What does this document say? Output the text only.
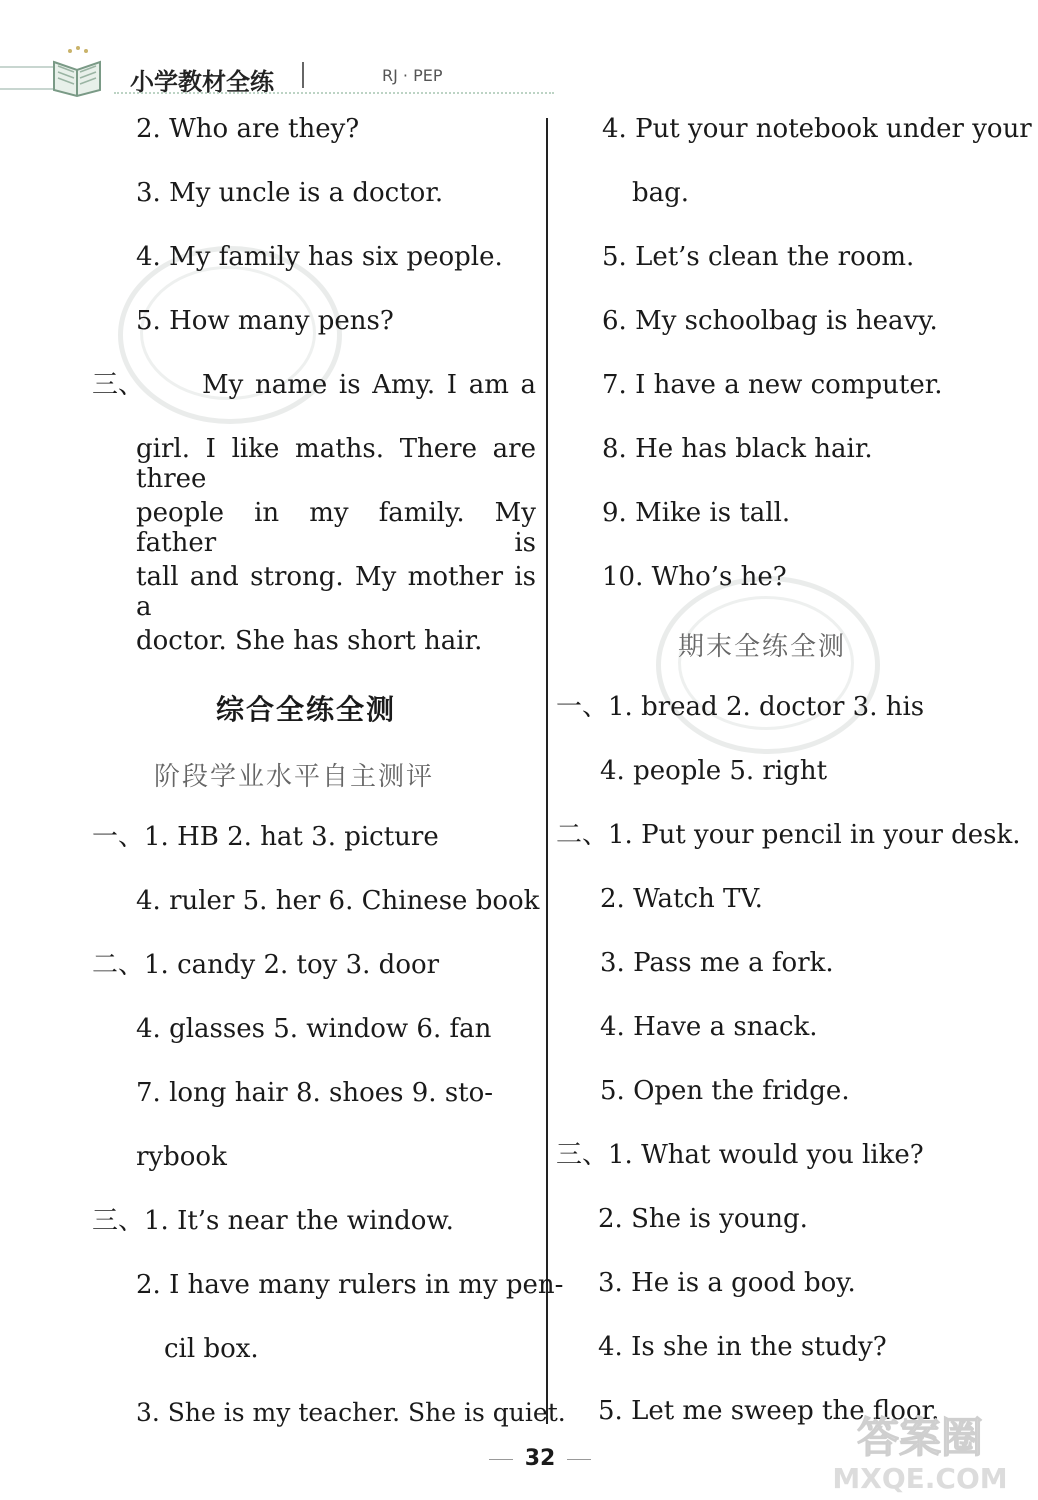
小学教材全练	RJ · PEP
2. Who are they?
3. My uncle is a doctor.
4. My family has six people.
5. How many pens?
三、 My name is Amy. I am a
girl. I like maths. There are three
people in my family. My father is
tall and strong. My mother is a
doctor. She has short hair.
综合全练全测
阶段学业水平自主测评
一、1. HB 2. hat 3. picture
4. ruler 5. her 6. Chinese book
二、1. candy 2. toy 3. door
4. glasses 5. window 6. fan
7. long hair 8. shoes 9. sto-
rybook
三、1. It’s near the window.
2. I have many rulers in my pen-
cil box.
3. She is my teacher. She is quiet.
4. Put your notebook under your
bag.
5. Let’s clean the room.
6. My schoolbag is heavy.
7. I have a new computer.
8. He has black hair.
9. Mike is tall.
10. Who’s he?
期末全练全测
一、1. bread 2. doctor 3. his
4. people 5. right
二、1. Put your pencil in your desk.
2. Watch TV.
3. Pass me a fork.
4. Have a snack.
5. Open the fridge.
三、1. What would you like?
2. She is young.
3. He is a good boy.
4. Is she in the study?
5. Let me sweep the floor.
32	答案圈
MXQE.COM
